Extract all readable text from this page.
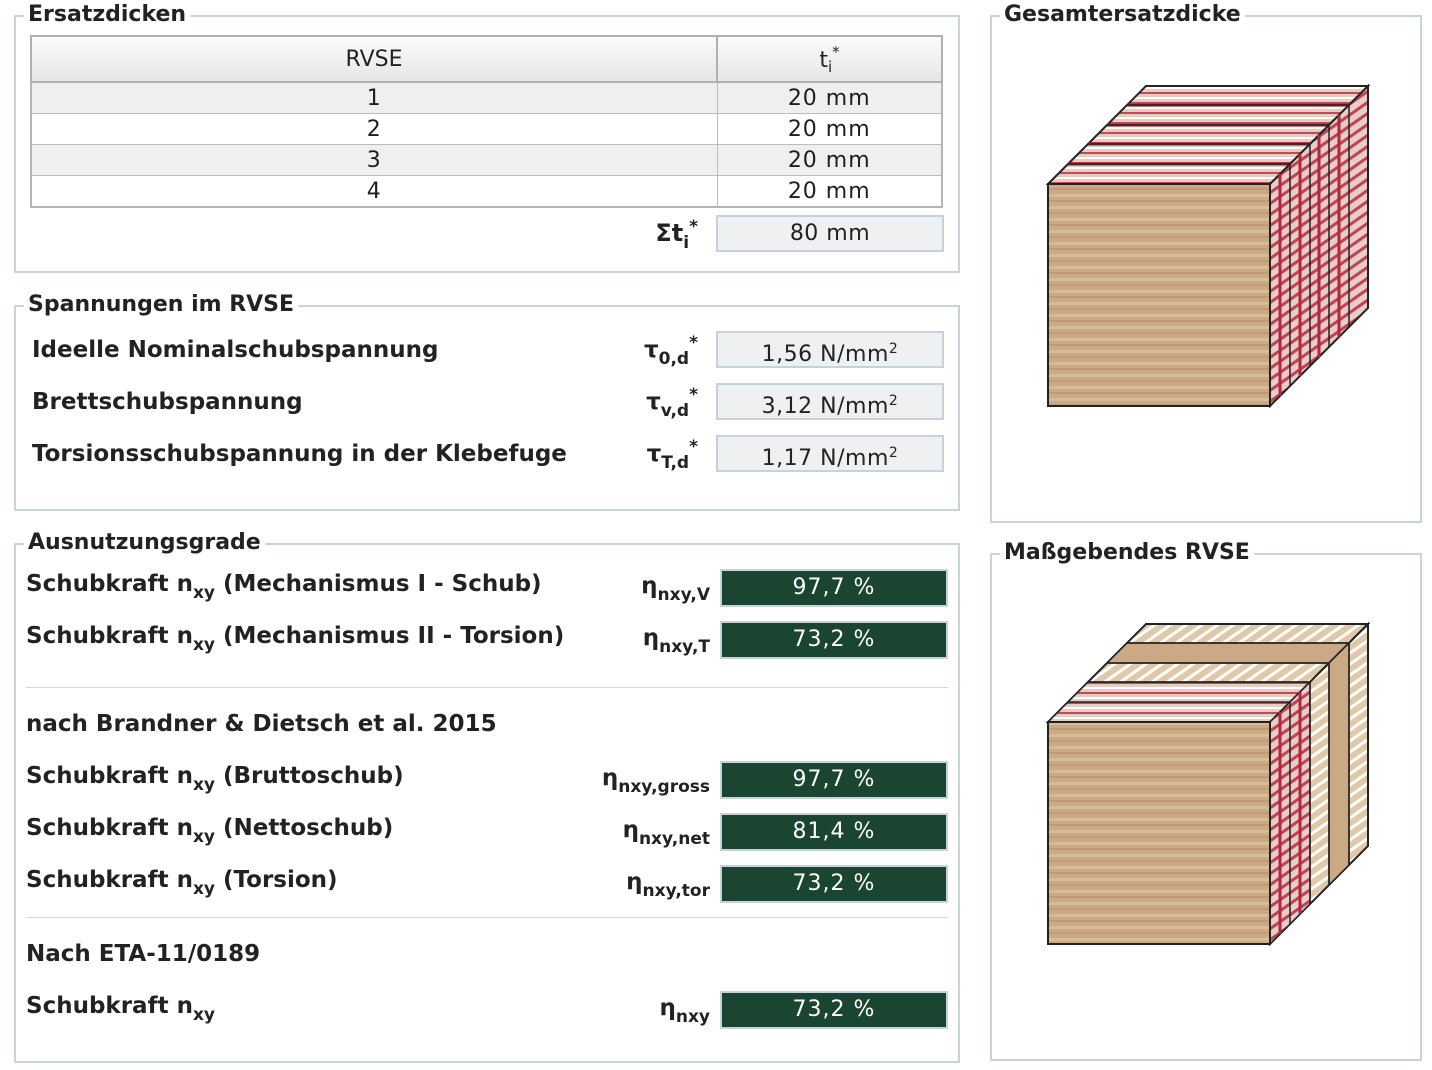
Ersatzdicken
RVSE	$t_i^*$
1	20 mm
2	20 mm
3	20 mm
4	20 mm
$\Sigma t_i^*$	80 mm
Spannungen im RVSE
Ideelle Nominalschubspannung	$\tau_{0,d}^*$	1,56 $N/mm^2$
Brettschubspannung	$\tau_{v,d}^*$	3,12 $N/mm^2$
Torsionsschubspannung in der Klebefuge	$\tau_{T,d}^*$	1,17 $N/mm^2$
Ausnutzungsgrade
Schubkraft $n_{xy}$ (Mechanismus I - Schub)	$\eta_{nxy,V}$	97,7 %
Schubkraft $n_{xy}$ (Mechanismus II - Torsion)	$\eta_{nxy,T}$	73,2 %
nach Brandner & Dietsch et al. 2015
Schubkraft $n_{xy}$ (Bruttoschub)	$\eta_{nxy,gross}$	97,7 %
Schubkraft $n_{xy}$ (Nettoschub)	$\eta_{nxy,net}$	81,4 %
Schubkraft $n_{xy}$ (Torsion)	$\eta_{nxy,tor}$	73,2 %
Nach ETA-11/0189
Schubkraft $n_{xy}$	$\eta_{nxy}$	73,2 %
Gesamtersatzdicke
Maßgebendes RVSE
